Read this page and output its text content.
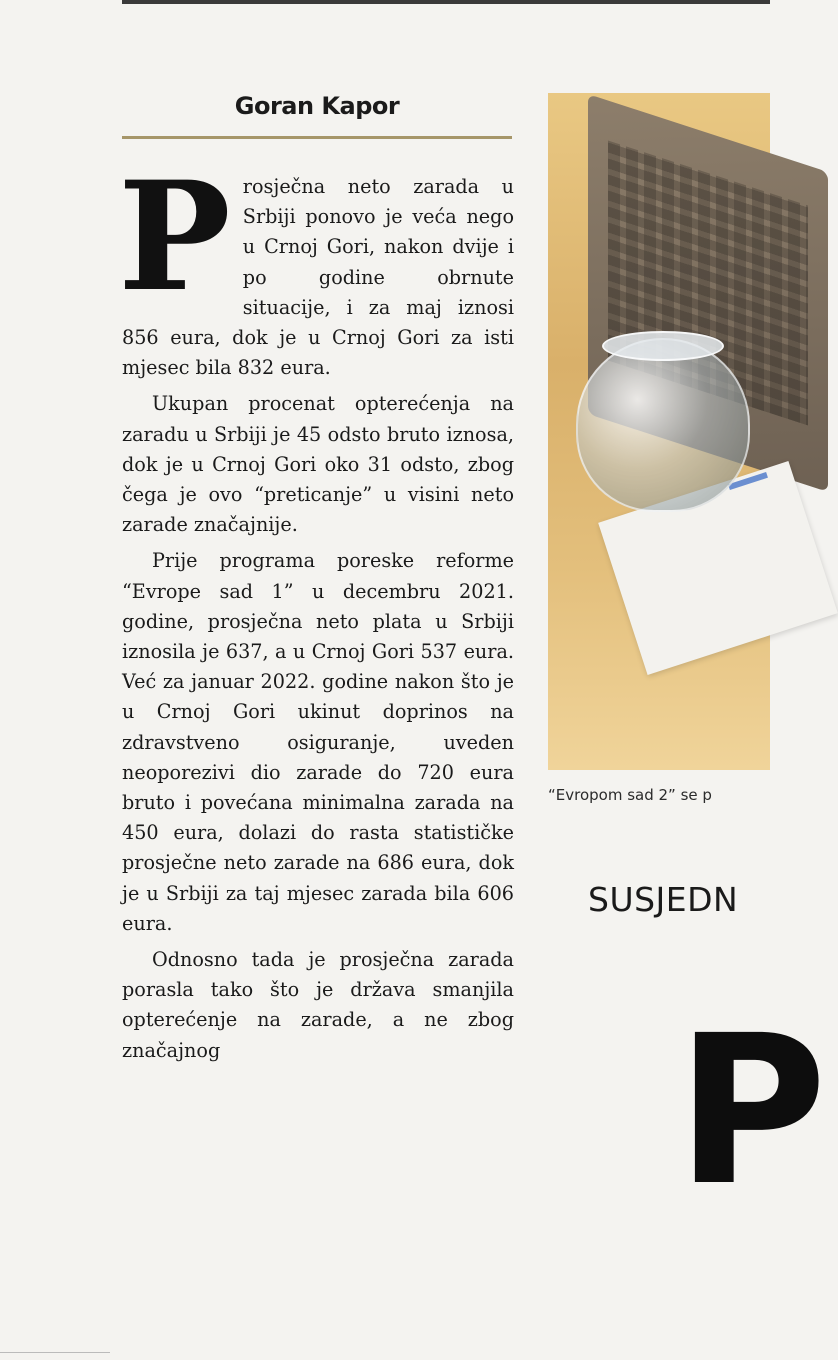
Goran Kapor

Prosječna neto zarada u Srbiji ponovo je veća nego u Crnoj Gori, nakon dvije i po godine obrnute situacije, i za maj iznosi 856 eura, dok je u Crnoj Gori za isti mjesec bila 832 eura.

Ukupan procenat opterećenja na zaradu u Srbiji je 45 odsto bruto iznosa, dok je u Crnoj Gori oko 31 odsto, zbog čega je ovo “preticanje” u visini neto zarade značajnije.

Prije programa poreske reforme “Evrope sad 1” u decembru 2021. godine, prosječna neto plata u Srbiji iznosila je 637, a u Crnoj Gori 537 eura. Već za januar 2022. godine nakon što je u Crnoj Gori ukinut doprinos na zdravstveno osiguranje, uveden neoporezivi dio zarade do 720 eura bruto i povećana minimalna zarada na 450 eura, dolazi do rasta statističke prosječne neto zarade na 686 eura, dok je u Srbiji za taj mjesec zarada bila 606 eura.

Odnosno tada je prosječna zarada porasla tako što je država smanjila opterećenje na zarade, a ne zbog značajnog

“Evropom sad 2” se p
SUSJEDN
P
